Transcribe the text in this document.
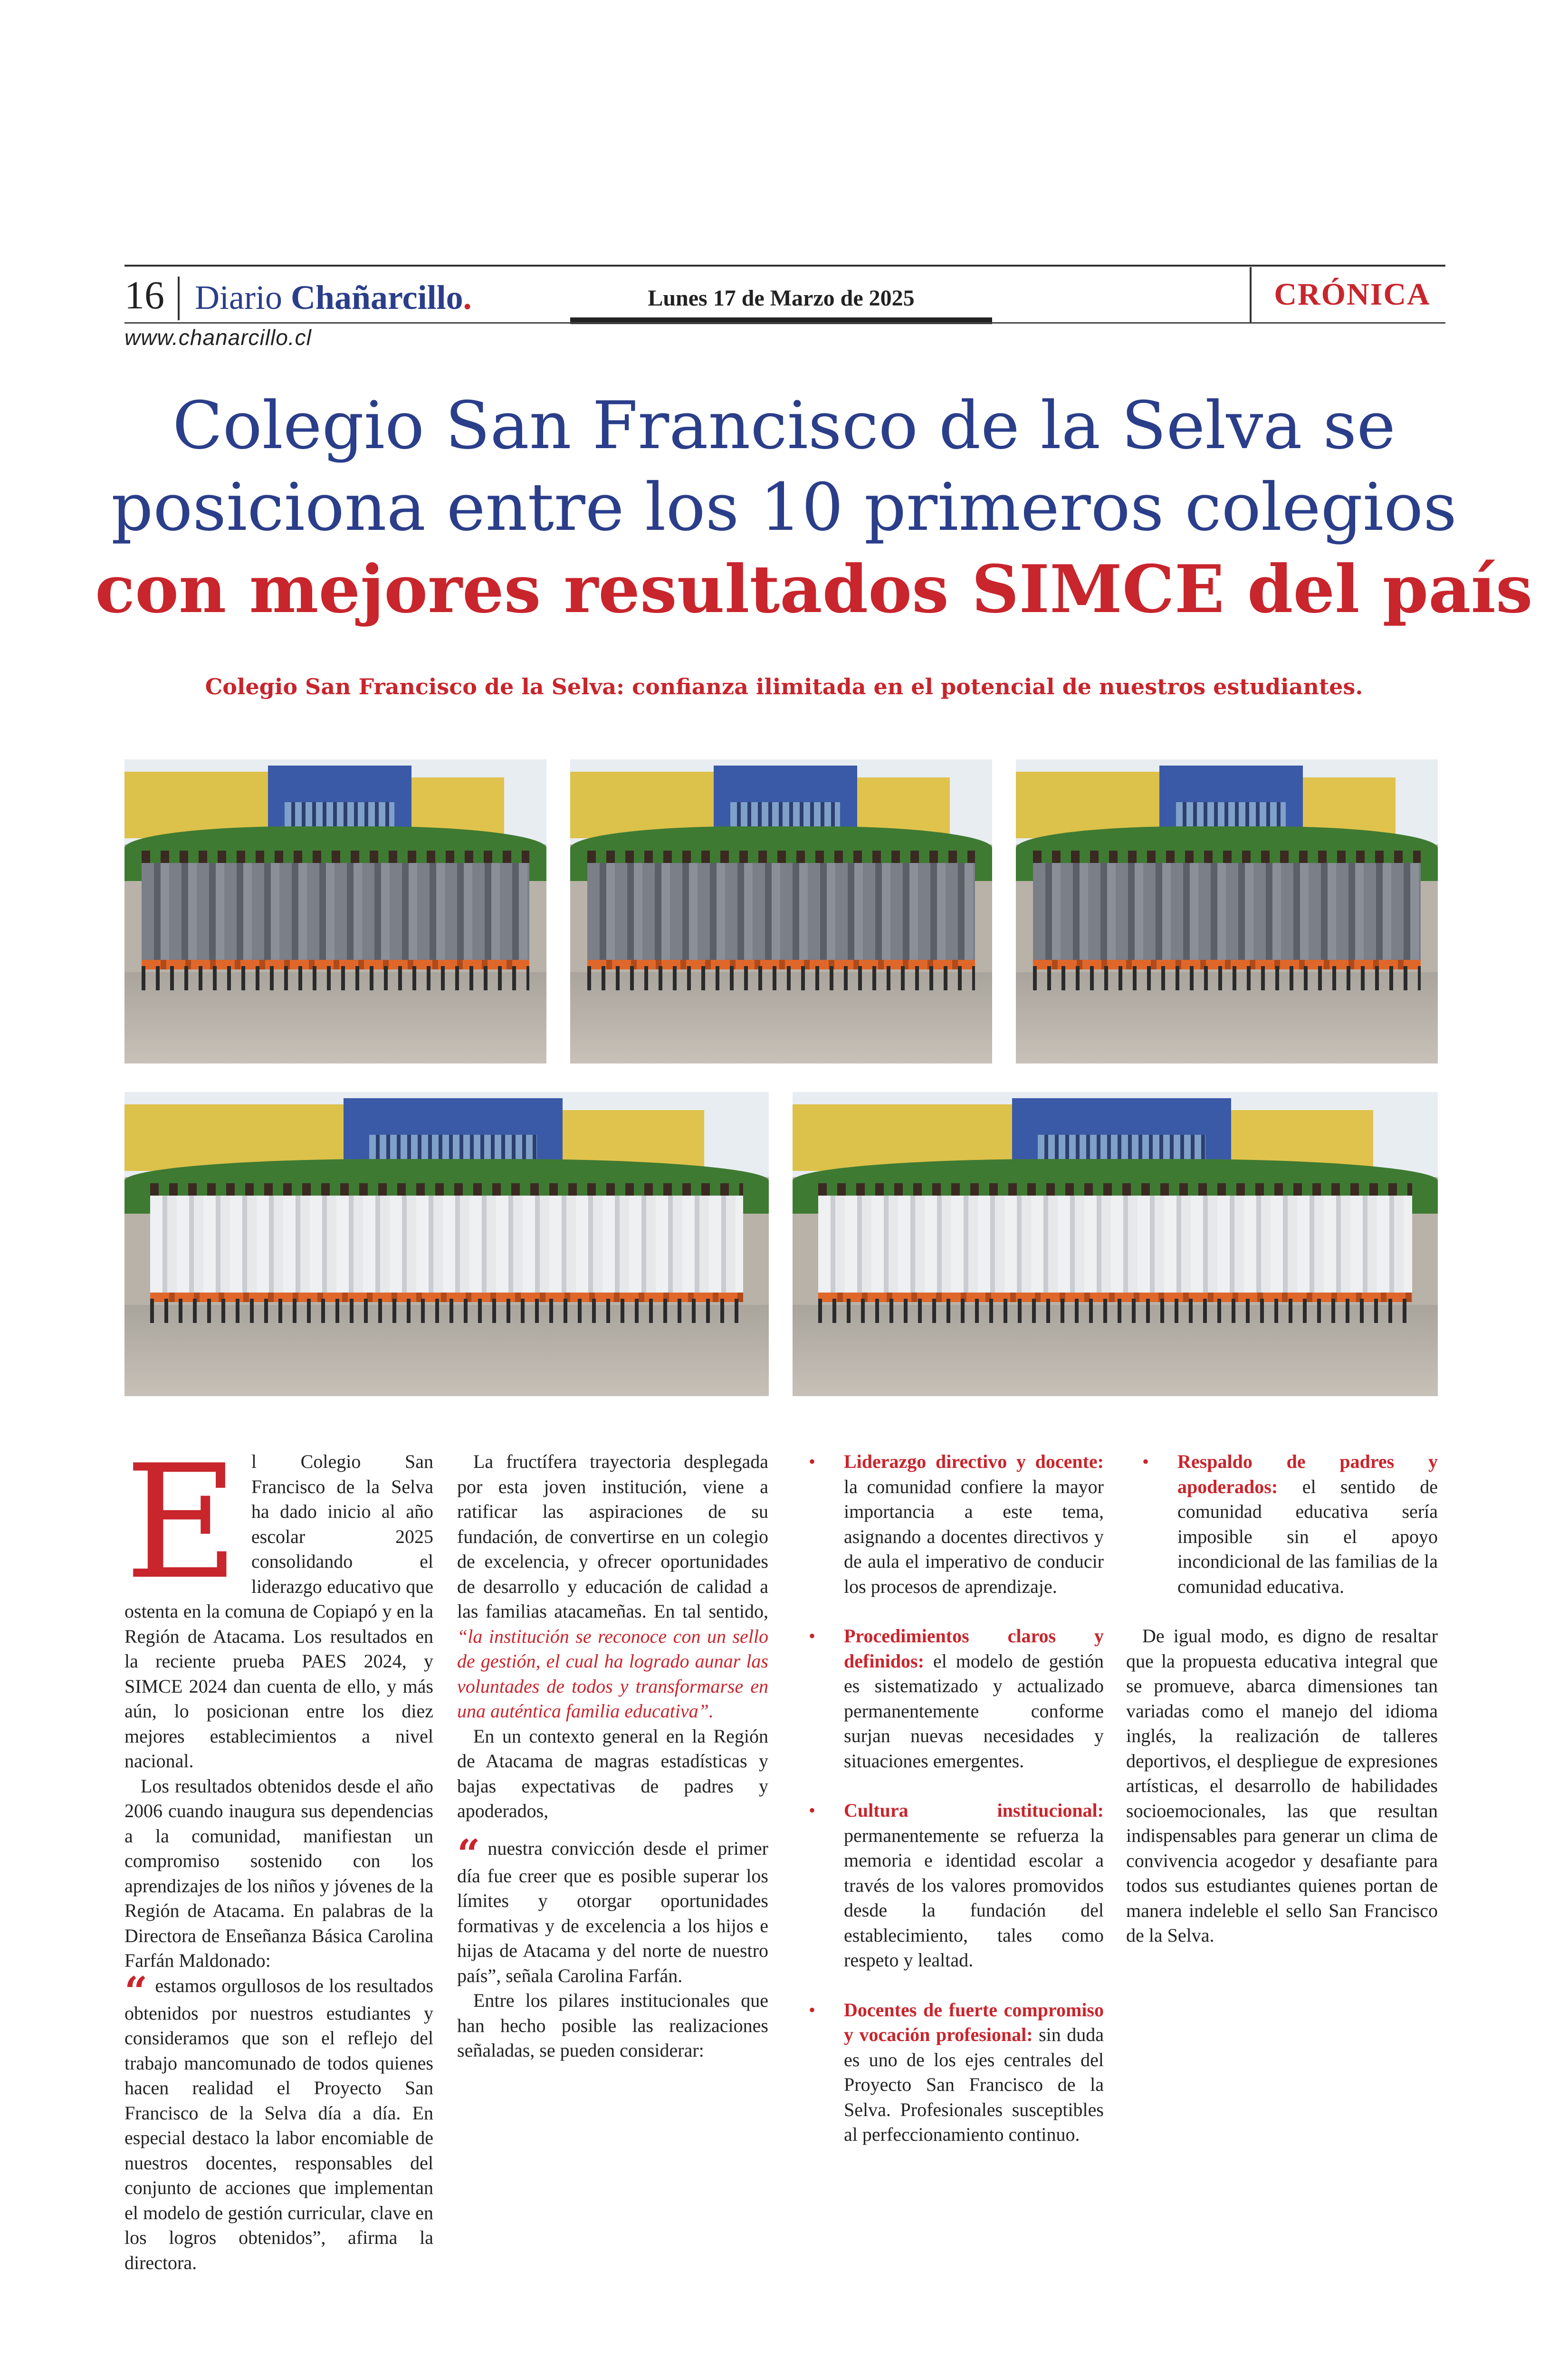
16 Diario Chañarcillo.	Lunes 17 de Marzo de 2025	CRÓNICA
www.chanarcillo.cl
Colegio San Francisco de la Selva se
posiciona entre los 10 primeros colegios
con mejores resultados SIMCE del país
Colegio San Francisco de la Selva: confianza ilimitada en el potencial de nuestros estudiantes.
E l Colegio San Francisco de la Selva ha dado inicio al año escolar 2025 consolidando el liderazgo educativo que ostenta en la comuna de Copiapó y en la Región de Atacama. Los resultados en la reciente prueba PAES 2024, y SIMCE 2024 dan cuenta de ello, y más aún, lo posicionan entre los diez mejores establecimientos a nivel nacional.

Los resultados obtenidos desde el año 2006 cuando inaugura sus dependencias a la comunidad, manifiestan un compromiso sostenido con los aprendizajes de los niños y jóvenes de la Región de Atacama. En palabras de la Directora de Enseñanza Básica Carolina Farfán Maldonado:

“ estamos orgullosos de los resultados obtenidos por nuestros estudiantes y consideramos que son el reflejo del trabajo mancomunado de todos quienes hacen realidad el Proyecto San Francisco de la Selva día a día. En especial destaco la labor encomiable de nuestros docentes, responsables del conjunto de acciones que implementan el modelo de gestión curricular, clave en los logros obtenidos”, afirma la directora.

La fructífera trayectoria desplegada por esta joven institución, viene a ratificar las aspiraciones de su fundación, de convertirse en un colegio de excelencia, y ofrecer oportunidades de desarrollo y educación de calidad a las familias atacameñas. En tal sentido, “la institución se reconoce con un sello de gestión, el cual ha logrado aunar las voluntades de todos y transformarse en una auténtica familia educativa”.

En un contexto general en la Región de Atacama de magras estadísticas y bajas expectativas de padres y apoderados,

“ nuestra convicción desde el primer día fue creer que es posible superar los límites y otorgar oportunidades formativas y de excelencia a los hijos e hijas de Atacama y del norte de nuestro país”, señala Carolina Farfán.

Entre los pilares institucionales que han hecho posible las realizaciones señaladas, se pueden considerar:

• Liderazgo directivo y docente: la comunidad confiere la mayor importancia a este tema, asignando a docentes directivos y de aula el imperativo de conducir los procesos de aprendizaje.
• Procedimientos claros y definidos: el modelo de gestión es sistematizado y actualizado permanentemente conforme surjan nuevas necesidades y situaciones emergentes.
• Cultura institucional: permanentemente se refuerza la memoria e identidad escolar a través de los valores promovidos desde la fundación del establecimiento, tales como respeto y lealtad.
• Docentes de fuerte compromiso y vocación profesional: sin duda es uno de los ejes centrales del Proyecto San Francisco de la Selva. Profesionales susceptibles al perfeccionamiento continuo.
• Respaldo de padres y apoderados: el sentido de comunidad educativa sería imposible sin el apoyo incondicional de las familias de la comunidad educativa.

De igual modo, es digno de resaltar que la propuesta educativa integral que se promueve, abarca dimensiones tan variadas como el manejo del idioma inglés, la realización de talleres deportivos, el despliegue de expresiones artísticas, el desarrollo de habilidades socioemocionales, las que resultan indispensables para generar un clima de convivencia acogedor y desafiante para todos sus estudiantes quienes portan de manera indeleble el sello San Francisco de la Selva.
